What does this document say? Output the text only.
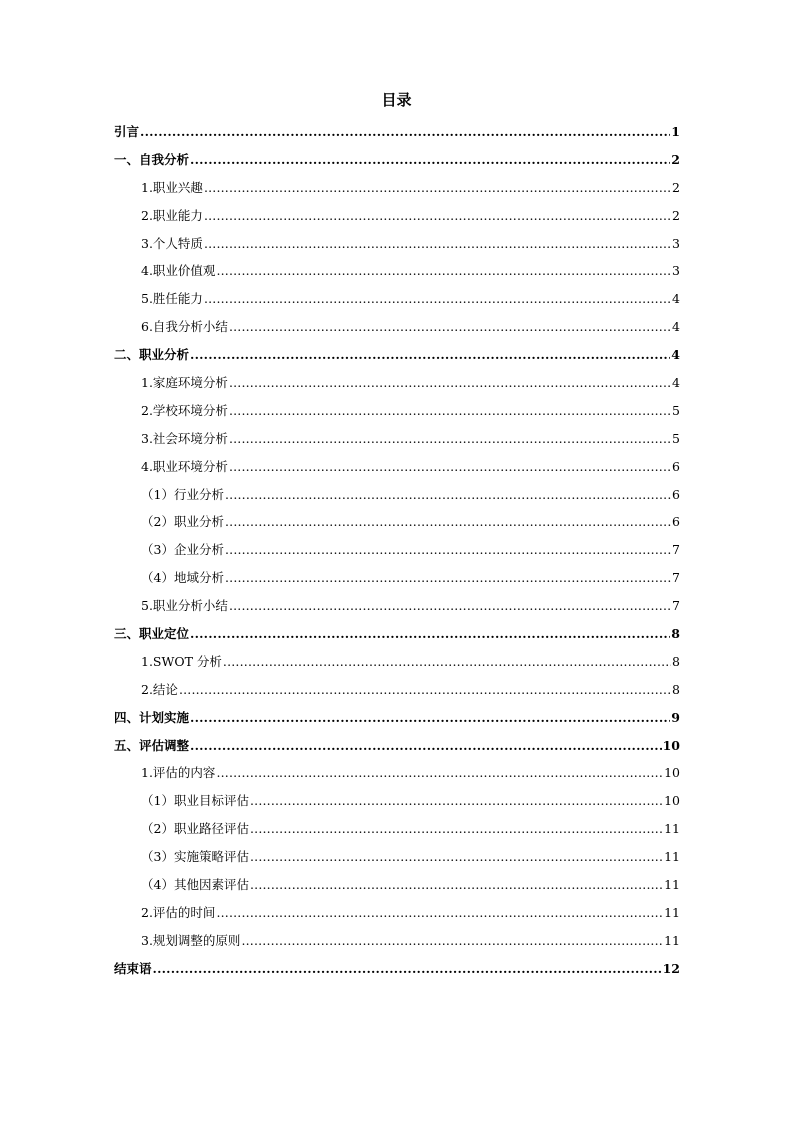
目录
引言 .....	1
一、自我分析 .....	2
1.职业兴趣 .....	2
2.职业能力 .....	2
3.个人特质 .....	3
4.职业价值观 .....	3
5.胜任能力 .....	4
6.自我分析小结 .....	4
二、职业分析 .....	4
1.家庭环境分析 .....	4
2.学校环境分析 .....	5
3.社会环境分析 .....	5
4.职业环境分析 .....	6
（1）行业分析 .....	6
（2）职业分析 .....	6
（3）企业分析 .....	7
（4）地域分析 .....	7
5.职业分析小结 .....	7
三、职业定位 .....	8
1.SWOT 分析 .....	8
2.结论 .....	8
四、计划实施 .....	9
五、评估调整 .....	10
1.评估的内容 .....	10
（1）职业目标评估 .....	10
（2）职业路径评估 .....	11
（3）实施策略评估 .....	11
（4）其他因素评估 .....	11
2.评估的时间 .....	11
3.规划调整的原则 .....	11
结束语 .....	12
